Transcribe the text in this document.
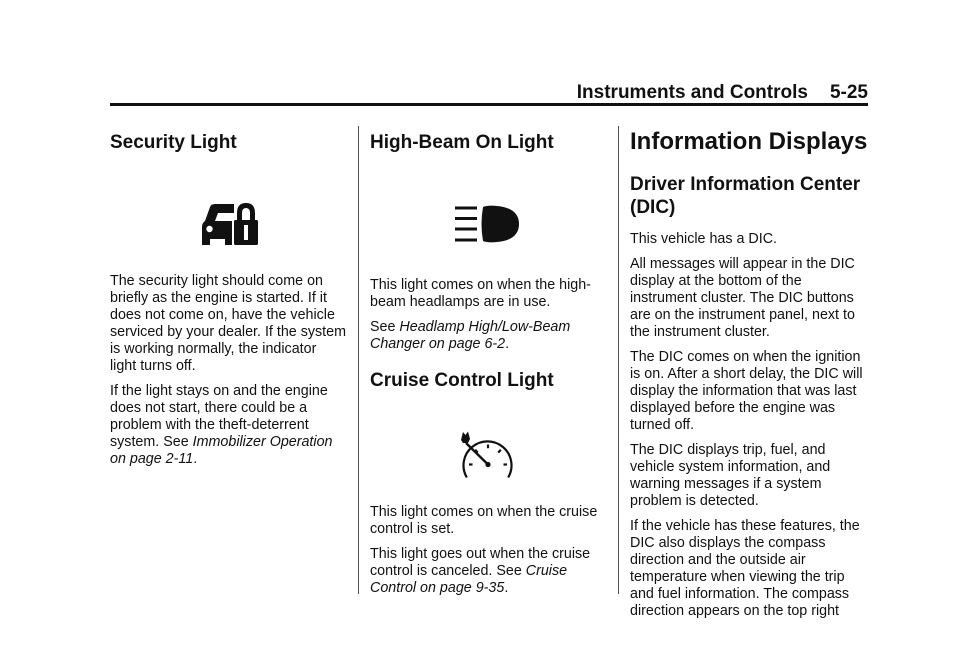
Instruments and Controls 5-25
Security Light

The security light should come on briefly as the engine is started. If it does not come on, have the vehicle serviced by your dealer. If the system is working normally, the indicator light turns off.

If the light stays on and the engine does not start, there could be a problem with the theft-deterrent system. See Immobilizer Operation on page 2-11.

High-Beam On Light

This light comes on when the high-beam headlamps are in use.

See Headlamp High/Low-Beam Changer on page 6-2.

Cruise Control Light

This light comes on when the cruise control is set.

This light goes out when the cruise control is canceled. See Cruise Control on page 9-35.

Information Displays
Driver Information Center (DIC)

This vehicle has a DIC.

All messages will appear in the DIC display at the bottom of the instrument cluster. The DIC buttons are on the instrument panel, next to the instrument cluster.

The DIC comes on when the ignition is on. After a short delay, the DIC will display the information that was last displayed before the engine was turned off.

The DIC displays trip, fuel, and vehicle system information, and warning messages if a system problem is detected.

If the vehicle has these features, the DIC also displays the compass direction and the outside air temperature when viewing the trip and fuel information. The compass direction appears on the top right
